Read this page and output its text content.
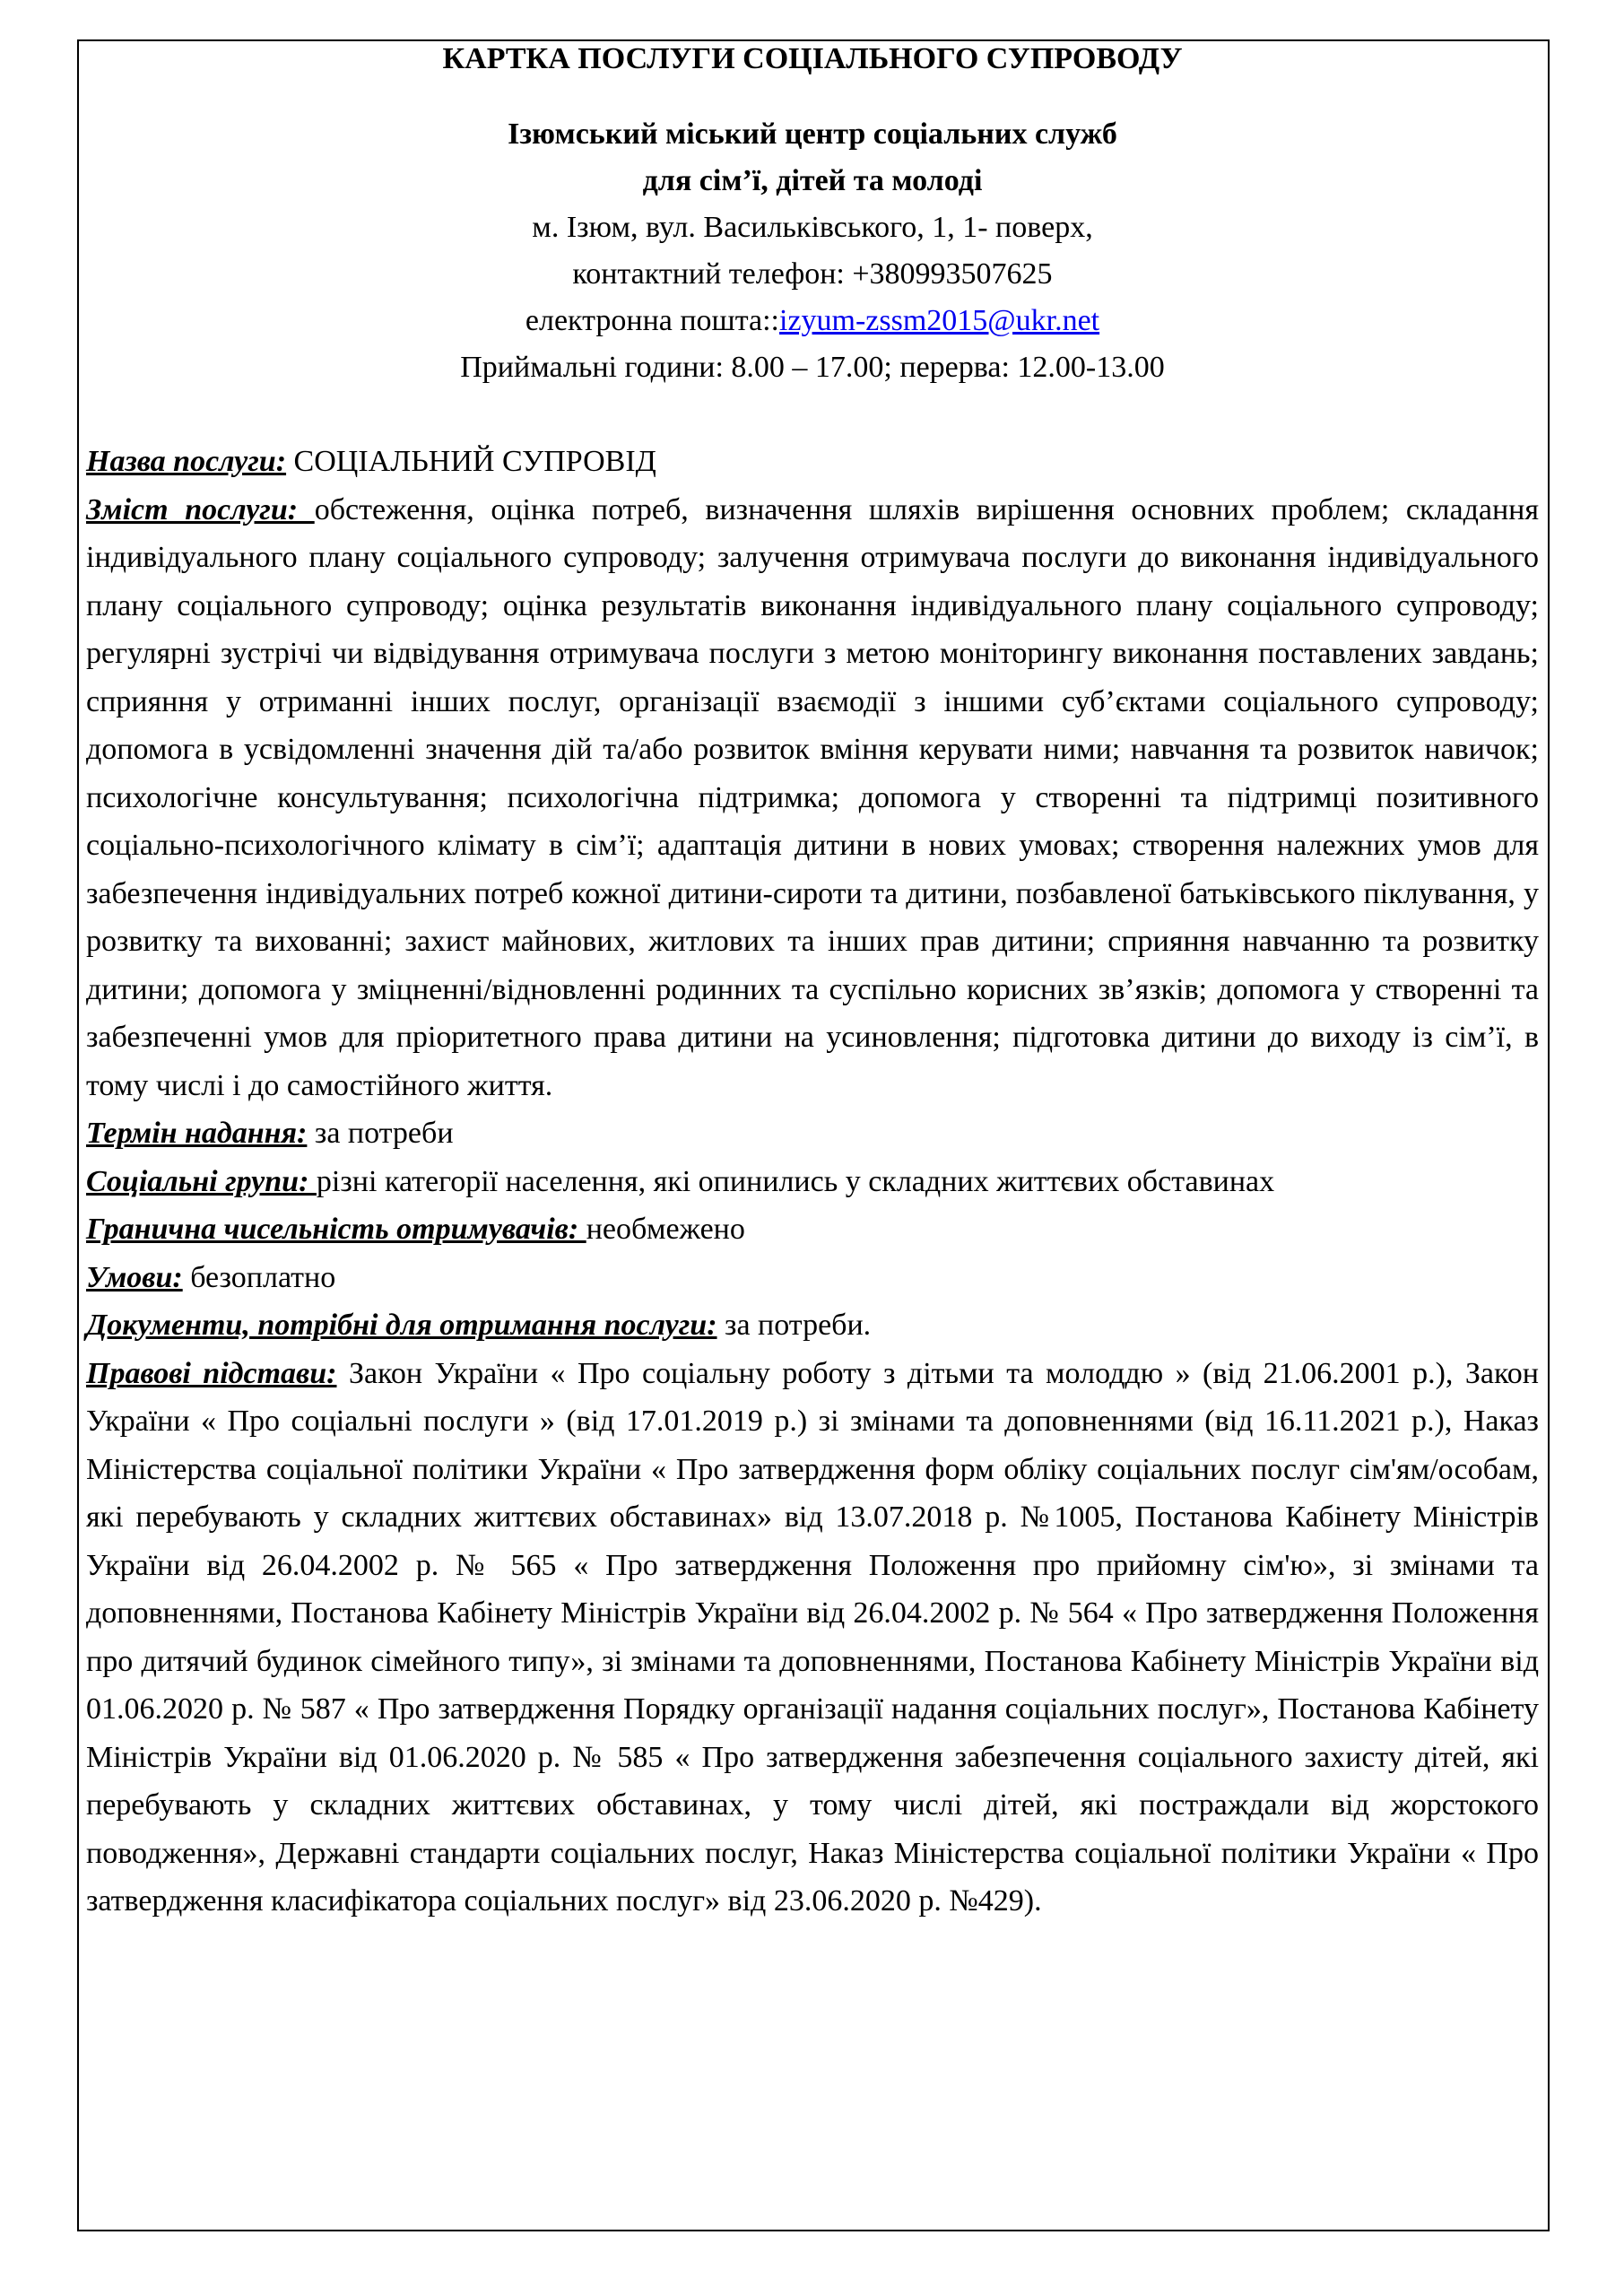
КАРТКА ПОСЛУГИ СОЦІАЛЬНОГО СУПРОВОДУ
Ізюмський міський центр соціальних служб
для сім’ї, дітей та молоді
м. Ізюм, вул. Васильківського, 1, 1- поверх,
контактний телефон: +380993507625
електронна пошта::izyum-zssm2015@ukr.net
Приймальні години: 8.00 – 17.00; перерва: 12.00-13.00

Назва послуги: СОЦІАЛЬНИЙ СУПРОВІД

Зміст послуги: обстеження, оцінка потреб, визначення шляхів вирішення основних проблем; складання індивідуального плану соціального супроводу; залучення отримувача послуги до виконання індивідуального плану соціального супроводу; оцінка результатів виконання індивідуального плану соціального супроводу; регулярні зустрічі чи відвідування отримувача послуги з метою моніторингу виконання поставлених завдань; сприяння у отриманні інших послуг, організації взаємодії з іншими суб’єктами соціального супроводу; допомога в усвідомленні значення дій та/або розвиток вміння керувати ними; навчання та розвиток навичок; психологічне консультування; психологічна підтримка; допомога у створенні та підтримці позитивного соціально-психологічного клімату в сім’ї; адаптація дитини в нових умовах; створення належних умов для забезпечення індивідуальних потреб кожної дитини-сироти та дитини, позбавленої батьківського піклування, у розвитку та вихованні; захист майнових, житлових та інших прав дитини; сприяння навчанню та розвитку дитини; допомога у зміцненні/відновленні родинних та суспільно корисних зв’язків; допомога у створенні та забезпеченні умов для пріоритетного права дитини на усиновлення; підготовка дитини до виходу із сім’ї, в тому числі і до самостійного життя.

Термін надання: за потреби

Соціальні групи: різні категорії населення, які опинились у складних життєвих обставинах

Гранична чисельність отримувачів: необмежено

Умови: безоплатно

Документи, потрібні для отримання послуги: за потреби.

Правові підстави: Закон України « Про соціальну роботу з дітьми та молоддю » (від 21.06.2001 р.), Закон України « Про соціальні послуги » (від 17.01.2019 р.) зі змінами та доповненнями (від 16.11.2021 р.), Наказ Міністерства соціальної політики України « Про затвердження форм обліку соціальних послуг сім'ям/особам, які перебувають у складних життєвих обставинах» від 13.07.2018 р. №1005, Постанова Кабінету Міністрів України від 26.04.2002 р. № 565 « Про затвердження Положення про прийомну сім'ю», зі змінами та доповненнями, Постанова Кабінету Міністрів України від 26.04.2002 р. № 564 « Про затвердження Положення про дитячий будинок сімейного типу», зі змінами та доповненнями, Постанова Кабінету Міністрів України від 01.06.2020 р. № 587 « Про затвердження Порядку організації надання соціальних послуг», Постанова Кабінету Міністрів України від 01.06.2020 р. № 585 « Про затвердження забезпечення соціального захисту дітей, які перебувають у складних життєвих обставинах, у тому числі дітей, які постраждали від жорстокого поводження», Державні стандарти соціальних послуг, Наказ Міністерства соціальної політики України « Про затвердження класифікатора соціальних послуг» від 23.06.2020 р. №429).
